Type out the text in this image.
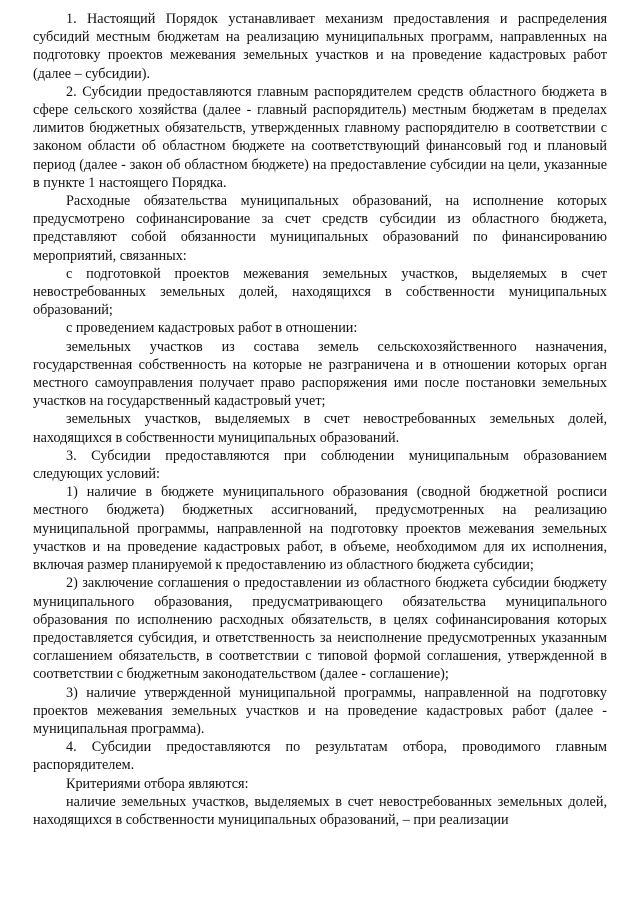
1. Настоящий Порядок устанавливает механизм предоставления и распределения субсидий местным бюджетам на реализацию муниципальных программ, направленных на подготовку проектов межевания земельных участков и на проведение кадастровых работ (далее – субсидии).

2. Субсидии предоставляются главным распорядителем средств областного бюджета в сфере сельского хозяйства (далее - главный распорядитель) местным бюджетам в пределах лимитов бюджетных обязательств, утвержденных главному распорядителю в соответствии с законом области об областном бюджете на соответствующий финансовый год и плановый период (далее - закон об областном бюджете) на предоставление субсидии на цели, указанные в пункте 1 настоящего Порядка.

Расходные обязательства муниципальных образований, на исполнение которых предусмотрено софинансирование за счет средств субсидии из областного бюджета, представляют собой обязанности муниципальных образований по финансированию мероприятий, связанных:

с подготовкой проектов межевания земельных участков, выделяемых в счет невостребованных земельных долей, находящихся в собственности муниципальных образований;

с проведением кадастровых работ в отношении:

земельных участков из состава земель сельскохозяйственного назначения, государственная собственность на которые не разграничена и в отношении которых орган местного самоуправления получает право распоряжения ими после постановки земельных участков на государственный кадастровый учет;

земельных участков, выделяемых в счет невостребованных земельных долей, находящихся в собственности муниципальных образований.

3. Субсидии предоставляются при соблюдении муниципальным образованием следующих условий:

1) наличие в бюджете муниципального образования (сводной бюджетной росписи местного бюджета) бюджетных ассигнований, предусмотренных на реализацию муниципальной программы, направленной на подготовку проектов межевания земельных участков и на проведение кадастровых работ, в объеме, необходимом для их исполнения, включая размер планируемой к предоставлению из областного бюджета субсидии;

2) заключение соглашения о предоставлении из областного бюджета субсидии бюджету муниципального образования, предусматривающего обязательства муниципального образования по исполнению расходных обязательств, в целях софинансирования которых предоставляется субсидия, и ответственность за неисполнение предусмотренных указанным соглашением обязательств, в соответствии с типовой формой соглашения, утвержденной в соответствии с бюджетным законодательством (далее - соглашение);

3) наличие утвержденной муниципальной программы, направленной на подготовку проектов межевания земельных участков и на проведение кадастровых работ (далее - муниципальная программа).

4. Субсидии предоставляются по результатам отбора, проводимого главным распорядителем.

Критериями отбора являются:

наличие земельных участков, выделяемых в счет невостребованных земельных долей, находящихся в собственности муниципальных образований, – при реализации
